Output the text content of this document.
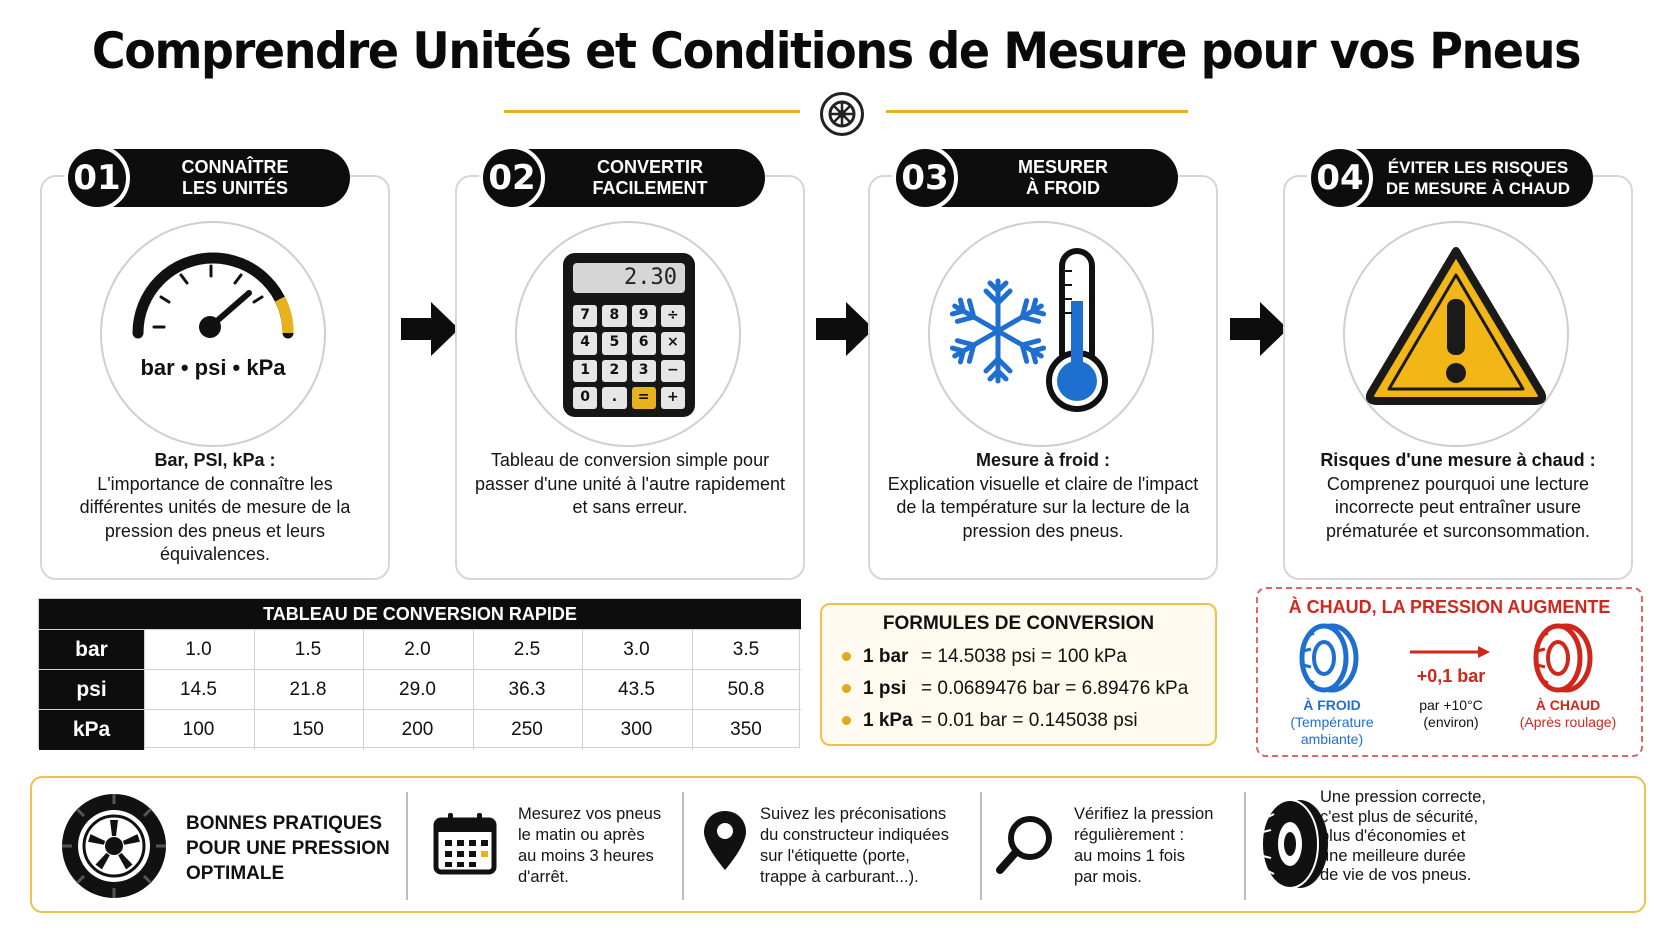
Comprendre Unités et Conditions de Mesure pour vos Pneus
01	CONNAÎTRE
LES UNITÉS
bar • psi • kPa
Bar, PSI, kPa :
L'importance de connaître les différentes unités de mesure de la pression des pneus et leurs équivalences.
02	CONVERTIR
FACILEMENT
2.30
7	8	9	÷
4	5	6	×
1	2	3	−
0	.	=	+
Tableau de conversion simple pour passer d'une unité à l'autre rapidement et sans erreur.
03	MESURER
À FROID
Mesure à froid :
Explication visuelle et claire de l'impact de la température sur la lecture de la pression des pneus.
04	ÉVITER LES RISQUES
DE MESURE À CHAUD
Risques d'une mesure à chaud :
Comprenez pourquoi une lecture incorrecte peut entraîner usure prématurée et surconsommation.
TABLEAU DE CONVERSION RAPIDE
bar	1.0	1.5	2.0	2.5	3.0	3.5
psi	14.5	21.8	29.0	36.3	43.5	50.8
kPa	100	150	200	250	300	350
FORMULES DE CONVERSION
1 bar = 14.5038 psi = 100 kPa
1 psi = 0.0689476 bar = 6.89476 kPa
1 kPa = 0.01 bar = 0.145038 psi
À CHAUD, LA PRESSION AUGMENTE
À FROID
(Température ambiante)
+0,1 bar
par +10°C
(environ)
À CHAUD
(Après roulage)
BONNES PRATIQUES
POUR UNE PRESSION
OPTIMALE
Mesurez vos pneus
le matin ou après
au moins 3 heures
d'arrêt.
Suivez les préconisations
du constructeur indiquées
sur l'étiquette (porte,
trappe à carburant...).
Vérifiez la pression
régulièrement :
au moins 1 fois
par mois.
Une pression correcte,
c'est plus de sécurité,
plus d'économies et
une meilleure durée
de vie de vos pneus.
